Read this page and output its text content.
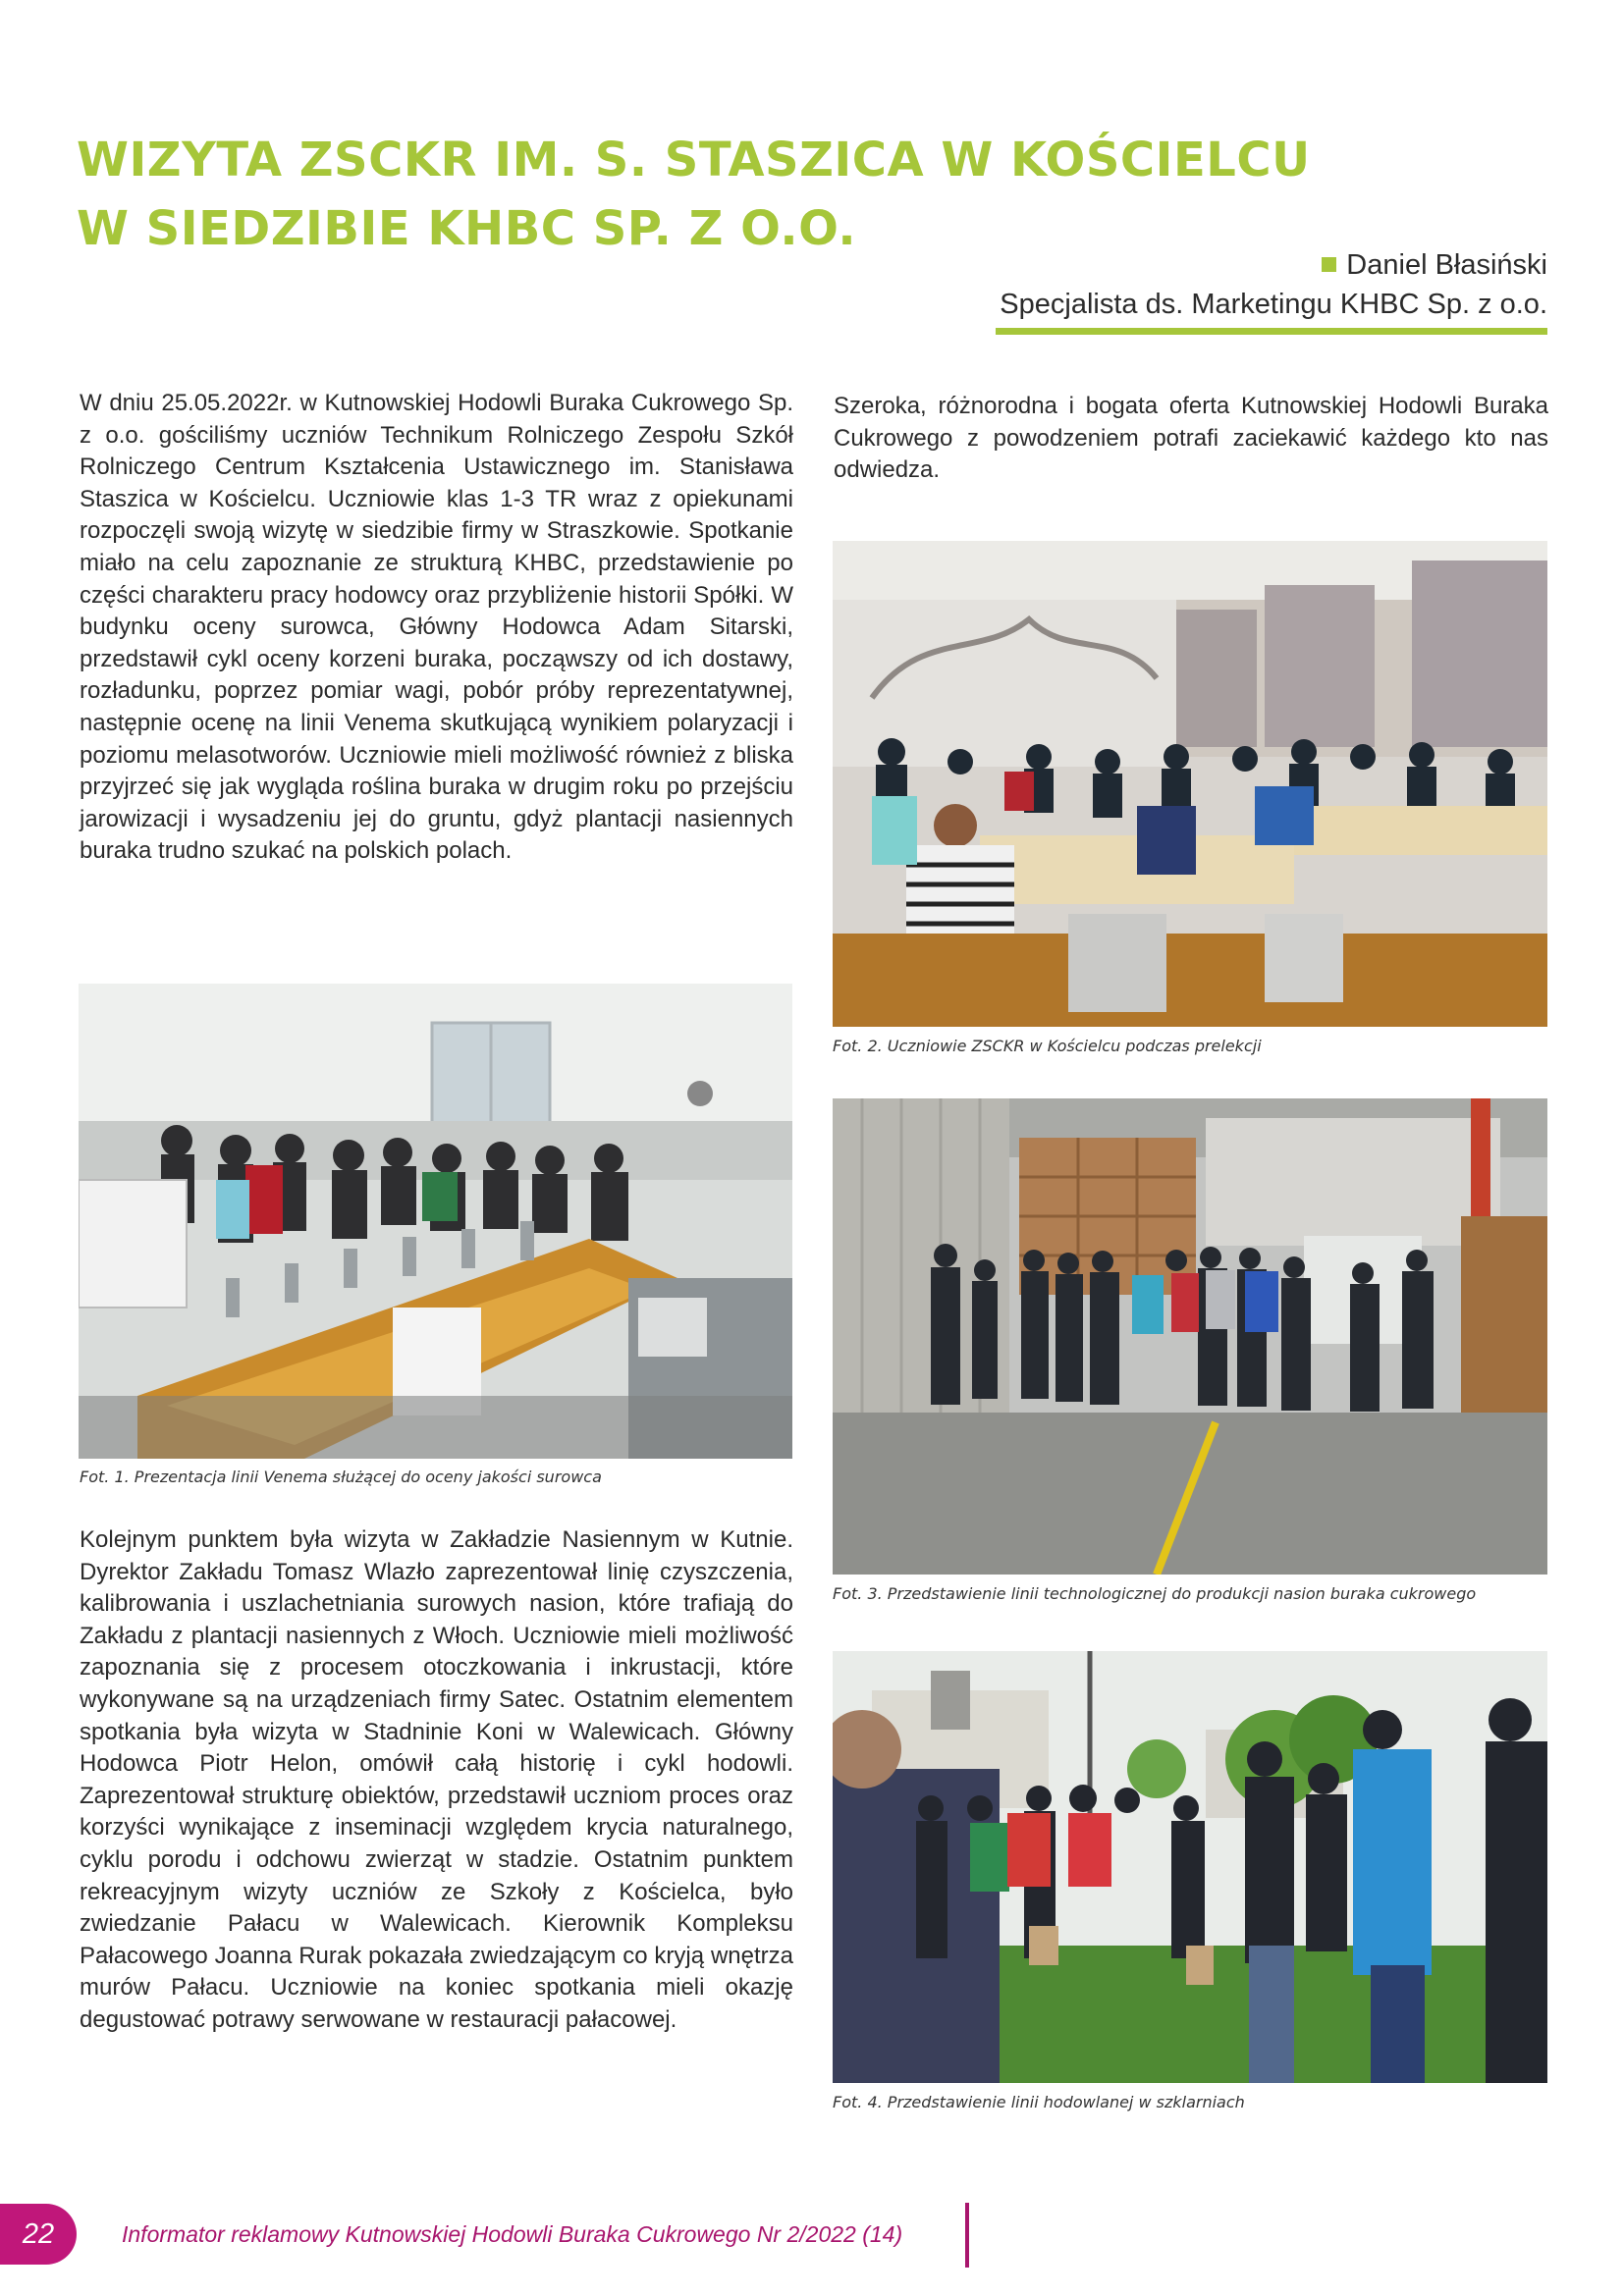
WIZYTA ZSCKR IM. S. STASZICA W KOŚCIELCU
W SIEDZIBIE KHBC SP. Z O.O.
Daniel Błasiński
Specjalista ds. Marketingu KHBC Sp. z o.o.

W dniu 25.05.2022r. w Kutnowskiej Hodowli Buraka Cukrowego Sp. z o.o. gościliśmy uczniów Technikum Rolniczego Zespołu Szkół Rolniczego Centrum Kształcenia Ustawicznego im. Stanisława Staszica w Kościelcu. Uczniowie klas 1-3 TR wraz z opiekunami rozpoczęli swoją wizytę w siedzibie firmy w Straszkowie. Spotkanie miało na celu zapoznanie ze strukturą KHBC, przedstawienie po części charakteru pracy hodowcy oraz przybliżenie historii Spółki. W budynku oceny surowca, Główny Hodowca Adam Sitarski, przedstawił cykl oceny korzeni buraka, począwszy od ich dostawy, rozładunku, poprzez pomiar wagi, pobór próby reprezentatywnej, następnie ocenę na linii Venema skutkującą wynikiem polaryzacji i poziomu melasotworów. Uczniowie mieli możliwość również z bliska przyjrzeć się jak wygląda roślina buraka w drugim roku po przejściu jarowizacji i wysadzeniu jej do gruntu, gdyż plantacji nasiennych buraka trudno szukać na polskich polach.

Szeroka, różnorodna i bogata oferta Kutnowskiej Hodowli Buraka Cukrowego z powodzeniem potrafi zaciekawić każdego kto nas odwiedza.

Kolejnym punktem była wizyta w Zakładzie Nasiennym w Kutnie. Dyrektor Zakładu Tomasz Wlazło zaprezentował linię czyszczenia, kalibrowania i uszlachetniania surowych nasion, które trafiają do Zakładu z plantacji nasiennych z Włoch. Uczniowie mieli możliwość zapoznania się z procesem otoczkowania i inkrustacji, które wykonywane są na urządzeniach firmy Satec. Ostatnim elementem spotkania była wizyta w Stadninie Koni w Walewicach. Główny Hodowca Piotr Helon, omówił całą historię i cykl hodowli. Zaprezentował strukturę obiektów, przedstawił uczniom proces oraz korzyści wynikające z inseminacji względem krycia naturalnego, cyklu porodu i odchowu zwierząt w stadzie. Ostatnim punktem rekreacyjnym wizyty uczniów ze Szkoły z Kościelca, było zwiedzanie Pałacu w Walewicach. Kierownik Kompleksu Pałacowego Joanna Rurak pokazała zwiedzającym co kryją wnętrza murów Pałacu. Uczniowie na koniec spotkania mieli okazję degustować potrawy serwowane w restauracji pałacowej.

Fot. 1. Prezentacja linii Venema służącej do oceny jakości surowca

Fot. 2. Uczniowie ZSCKR w Kościelcu podczas prelekcji

Fot. 3. Przedstawienie linii technologicznej do produkcji nasion buraka cukrowego

Fot. 4. Przedstawienie linii hodowlanej w szklarniach

22	Informator reklamowy Kutnowskiej Hodowli Buraka Cukrowego Nr 2/2022 (14)
